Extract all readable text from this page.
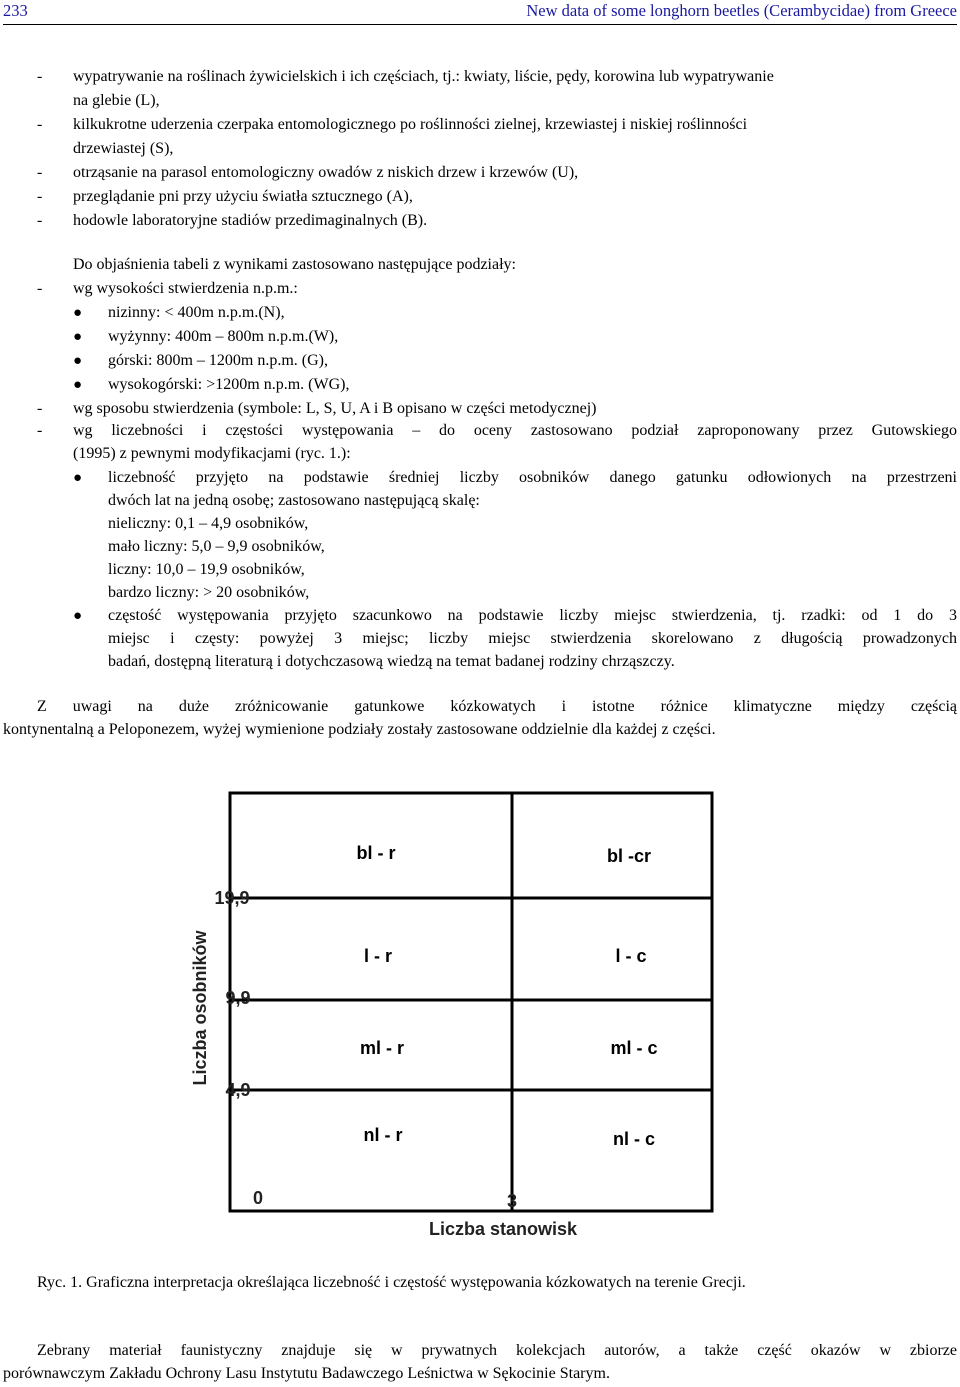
233	New data of some longhorn beetles (Cerambycidae) from Greece
- wypatrywanie na roślinach żywicielskich i ich częściach, tj.: kwiaty, liście, pędy, korowina lub wypatrywanie
na glebie (L),
- kilkukrotne uderzenia czerpaka entomologicznego po roślinności zielnej, krzewiastej i niskiej roślinności
drzewiastej (S),
- otrząsanie na parasol entomologiczny owadów z niskich drzew i krzewów (U),
- przeglądanie pni przy użyciu światła sztucznego (A),
- hodowle laboratoryjne stadiów przedimaginalnych (B).
Do objaśnienia tabeli z wynikami zastosowano następujące podziały:
- wg wysokości stwierdzenia n.p.m.:
● nizinny: < 400m n.p.m.(N),
● wyżynny: 400m – 800m n.p.m.(W),
● górski: 800m – 1200m n.p.m. (G),
● wysokogórski: >1200m n.p.m. (WG),
- wg sposobu stwierdzenia (symbole: L, S, U, A i B opisano w części metodycznej)
- wg liczebności i częstości występowania – do oceny zastosowano podział zaproponowany przez Gutowskiego
(1995) z pewnymi modyfikacjami (ryc. 1.):
● liczebność przyjęto na podstawie średniej liczby osobników danego gatunku odłowionych na przestrzeni
dwóch lat na jedną osobę; zastosowano następującą skalę:
nieliczny: 0,1 – 4,9 osobników,
mało liczny: 5,0 – 9,9 osobników,
liczny: 10,0 – 19,9 osobników,
bardzo liczny: > 20 osobników,
● częstość występowania przyjęto szacunkowo na podstawie liczby miejsc stwierdzenia, tj. rzadki: od 1 do 3
miejsc i częsty: powyżej 3 miejsc; liczby miejsc stwierdzenia skorelowano z długością prowadzonych
badań, dostępną literaturą i dotychczasową wiedzą na temat badanej rodziny chrząszczy.
Z uwagi na duże zróżnicowanie gatunkowe kózkowatych i istotne różnice klimatyczne między częścią
kontynentalną a Peloponezem, wyżej wymienione podziały zostały zastosowane oddzielnie dla każdej z części.
bl - r	bl -cr
l - r	l - c
ml - r	ml - c
nl - r	nl - c
19,9
9,9
4,9
0	3
Liczba stanowisk
Liczba osobników
Ryc. 1. Graficzna interpretacja określająca liczebność i częstość występowania kózkowatych na terenie Grecji.
Zebrany materiał faunistyczny znajduje się w prywatnych kolekcjach autorów, a także część okazów w zbiorze
porównawczym Zakładu Ochrony Lasu Instytutu Badawczego Leśnictwa w Sękocinie Starym.
